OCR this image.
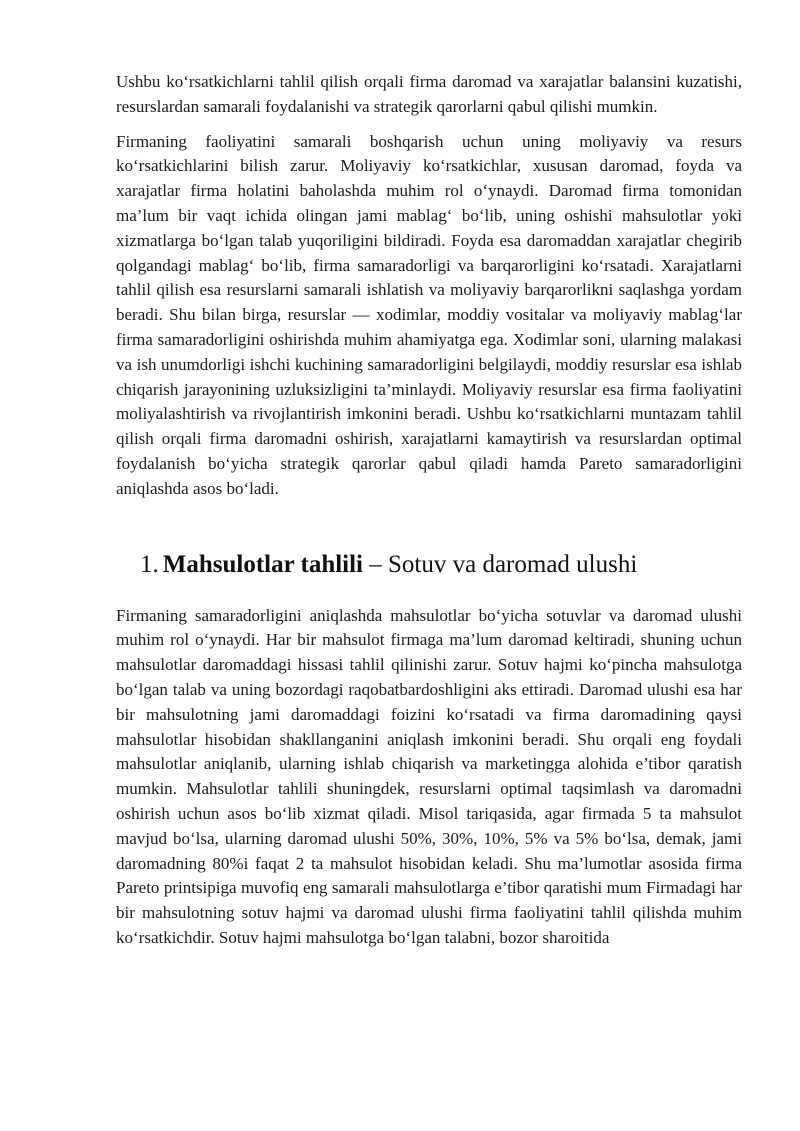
Ushbu ko‘rsatkichlarni tahlil qilish orqali firma daromad va xarajatlar balansini kuzatishi, resurslardan samarali foydalanishi va strategik qarorlarni qabul qilishi mumkin.

Firmaning faoliyatini samarali boshqarish uchun uning moliyaviy va resurs ko‘rsatkichlarini bilish zarur. Moliyaviy ko‘rsatkichlar, xususan daromad, foyda va xarajatlar firma holatini baholashda muhim rol o‘ynaydi. Daromad firma tomonidan ma’lum bir vaqt ichida olingan jami mablag‘ bo‘lib, uning oshishi mahsulotlar yoki xizmatlarga bo‘lgan talab yuqoriligini bildiradi. Foyda esa daromaddan xarajatlar chegirib qolgandagi mablag‘ bo‘lib, firma samaradorligi va barqarorligini ko‘rsatadi. Xarajatlarni tahlil qilish esa resurslarni samarali ishlatish va moliyaviy barqarorlikni saqlashga yordam beradi. Shu bilan birga, resurslar — xodimlar, moddiy vositalar va moliyaviy mablag‘lar firma samaradorligini oshirishda muhim ahamiyatga ega. Xodimlar soni, ularning malakasi va ish unumdorligi ishchi kuchining samaradorligini belgilaydi, moddiy resurslar esa ishlab chiqarish jarayonining uzluksizligini ta’minlaydi. Moliyaviy resurslar esa firma faoliyatini moliyalashtirish va rivojlantirish imkonini beradi. Ushbu ko‘rsatkichlarni muntazam tahlil qilish orqali firma daromadni oshirish, xarajatlarni kamaytirish va resurslardan optimal foydalanish bo‘yicha strategik qarorlar qabul qiladi hamda Pareto samaradorligini aniqlashda asos bo‘ladi.

1. Mahsulotlar tahlili – Sotuv va daromad ulushi

Firmaning samaradorligini aniqlashda mahsulotlar bo‘yicha sotuvlar va daromad ulushi muhim rol o‘ynaydi. Har bir mahsulot firmaga ma’lum daromad keltiradi, shuning uchun mahsulotlar daromaddagi hissasi tahlil qilinishi zarur. Sotuv hajmi ko‘pincha mahsulotga bo‘lgan talab va uning bozordagi raqobatbardoshligini aks ettiradi. Daromad ulushi esa har bir mahsulotning jami daromaddagi foizini ko‘rsatadi va firma daromadining qaysi mahsulotlar hisobidan shakllanganini aniqlash imkonini beradi. Shu orqali eng foydali mahsulotlar aniqlanib, ularning ishlab chiqarish va marketingga alohida e’tibor qaratish mumkin. Mahsulotlar tahlili shuningdek, resurslarni optimal taqsimlash va daromadni oshirish uchun asos bo‘lib xizmat qiladi. Misol tariqasida, agar firmada 5 ta mahsulot mavjud bo‘lsa, ularning daromad ulushi 50%, 30%, 10%, 5% va 5% bo‘lsa, demak, jami daromadning 80%i faqat 2 ta mahsulot hisobidan keladi. Shu ma’lumotlar asosida firma Pareto printsipiga muvofiq eng samarali mahsulotlarga e’tibor qaratishi mum Firmadagi har bir mahsulotning sotuv hajmi va daromad ulushi firma faoliyatini tahlil qilishda muhim ko‘rsatkichdir. Sotuv hajmi mahsulotga bo‘lgan talabni, bozor sharoitida
